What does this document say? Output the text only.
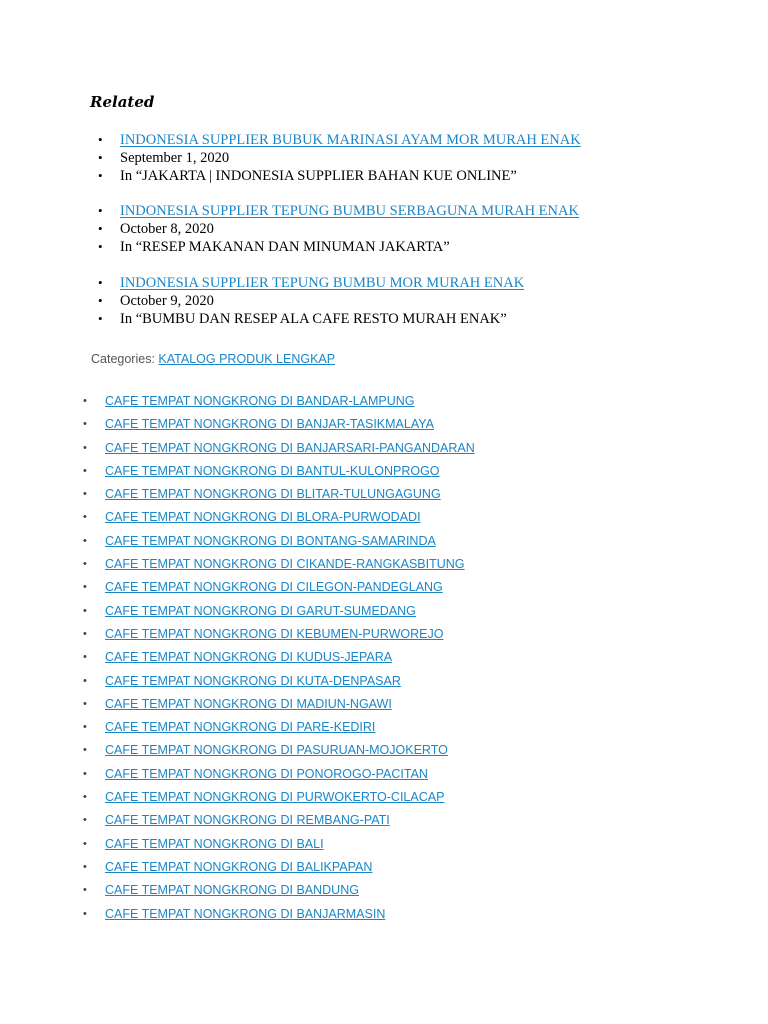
Related
• INDONESIA SUPPLIER BUBUK MARINASI AYAM MOR MURAH ENAK
• September 1, 2020
• In “JAKARTA | INDONESIA SUPPLIER BAHAN KUE ONLINE”
• INDONESIA SUPPLIER TEPUNG BUMBU SERBAGUNA MURAH ENAK
• October 8, 2020
• In “RESEP MAKANAN DAN MINUMAN JAKARTA”
• INDONESIA SUPPLIER TEPUNG BUMBU MOR MURAH ENAK
• October 9, 2020
• In “BUMBU DAN RESEP ALA CAFE RESTO MURAH ENAK”
Categories: KATALOG PRODUK LENGKAP
• CAFE TEMPAT NONGKRONG DI BANDAR-LAMPUNG
• CAFE TEMPAT NONGKRONG DI BANJAR-TASIKMALAYA
• CAFE TEMPAT NONGKRONG DI BANJARSARI-PANGANDARAN
• CAFE TEMPAT NONGKRONG DI BANTUL-KULONPROGO
• CAFE TEMPAT NONGKRONG DI BLITAR-TULUNGAGUNG
• CAFE TEMPAT NONGKRONG DI BLORA-PURWODADI
• CAFE TEMPAT NONGKRONG DI BONTANG-SAMARINDA
• CAFE TEMPAT NONGKRONG DI CIKANDE-RANGKASBITUNG
• CAFE TEMPAT NONGKRONG DI CILEGON-PANDEGLANG
• CAFE TEMPAT NONGKRONG DI GARUT-SUMEDANG
• CAFE TEMPAT NONGKRONG DI KEBUMEN-PURWOREJO
• CAFE TEMPAT NONGKRONG DI KUDUS-JEPARA
• CAFE TEMPAT NONGKRONG DI KUTA-DENPASAR
• CAFE TEMPAT NONGKRONG DI MADIUN-NGAWI
• CAFE TEMPAT NONGKRONG DI PARE-KEDIRI
• CAFE TEMPAT NONGKRONG DI PASURUAN-MOJOKERTO
• CAFE TEMPAT NONGKRONG DI PONOROGO-PACITAN
• CAFE TEMPAT NONGKRONG DI PURWOKERTO-CILACAP
• CAFE TEMPAT NONGKRONG DI REMBANG-PATI
• CAFE TEMPAT NONGKRONG DI BALI
• CAFE TEMPAT NONGKRONG DI BALIKPAPAN
• CAFE TEMPAT NONGKRONG DI BANDUNG
• CAFE TEMPAT NONGKRONG DI BANJARMASIN
